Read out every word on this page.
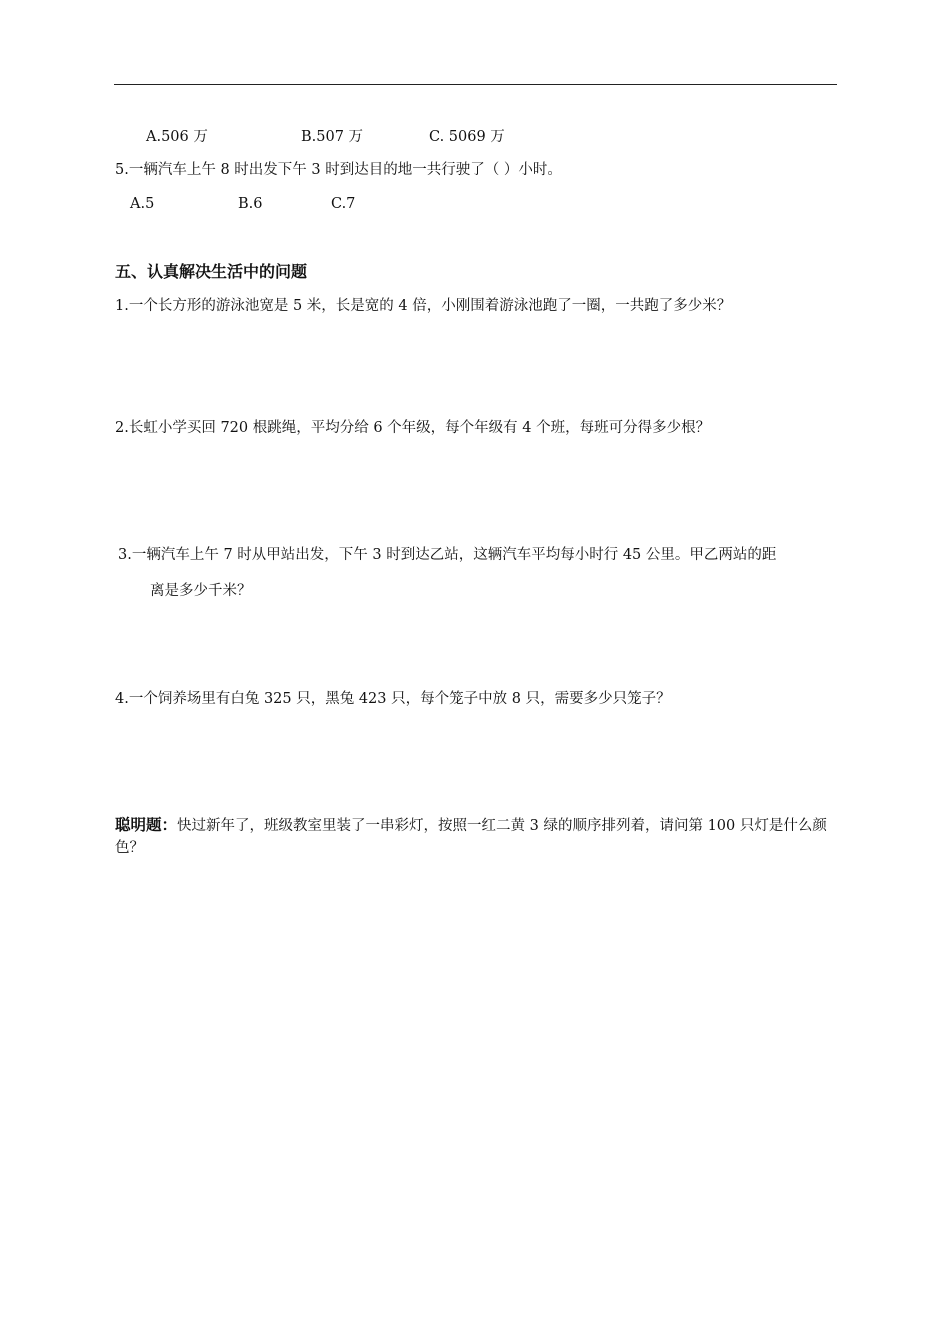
A.506 万	B.507 万	C. 5069 万
5.一辆汽车上午 8 时出发下午 3 时到达目的地一共行驶了（ ）小时。
A.5	B.6	C.7
五、认真解决生活中的问题
1.一个长方形的游泳池宽是 5 米，长是宽的 4 倍，小刚围着游泳池跑了一圈，一共跑了多少米？
2.长虹小学买回 720 根跳绳，平均分给 6 个年级，每个年级有 4 个班，每班可分得多少根？
3.一辆汽车上午 7 时从甲站出发，下午 3 时到达乙站，这辆汽车平均每小时行 45 公里。甲乙两站的距
离是多少千米？
4.一个饲养场里有白兔 325 只，黑兔 423 只，每个笼子中放 8 只，需要多少只笼子？
聪明题：快过新年了，班级教室里装了一串彩灯，按照一红二黄 3 绿的顺序排列着，请问第 100 只灯是什么颜色？
